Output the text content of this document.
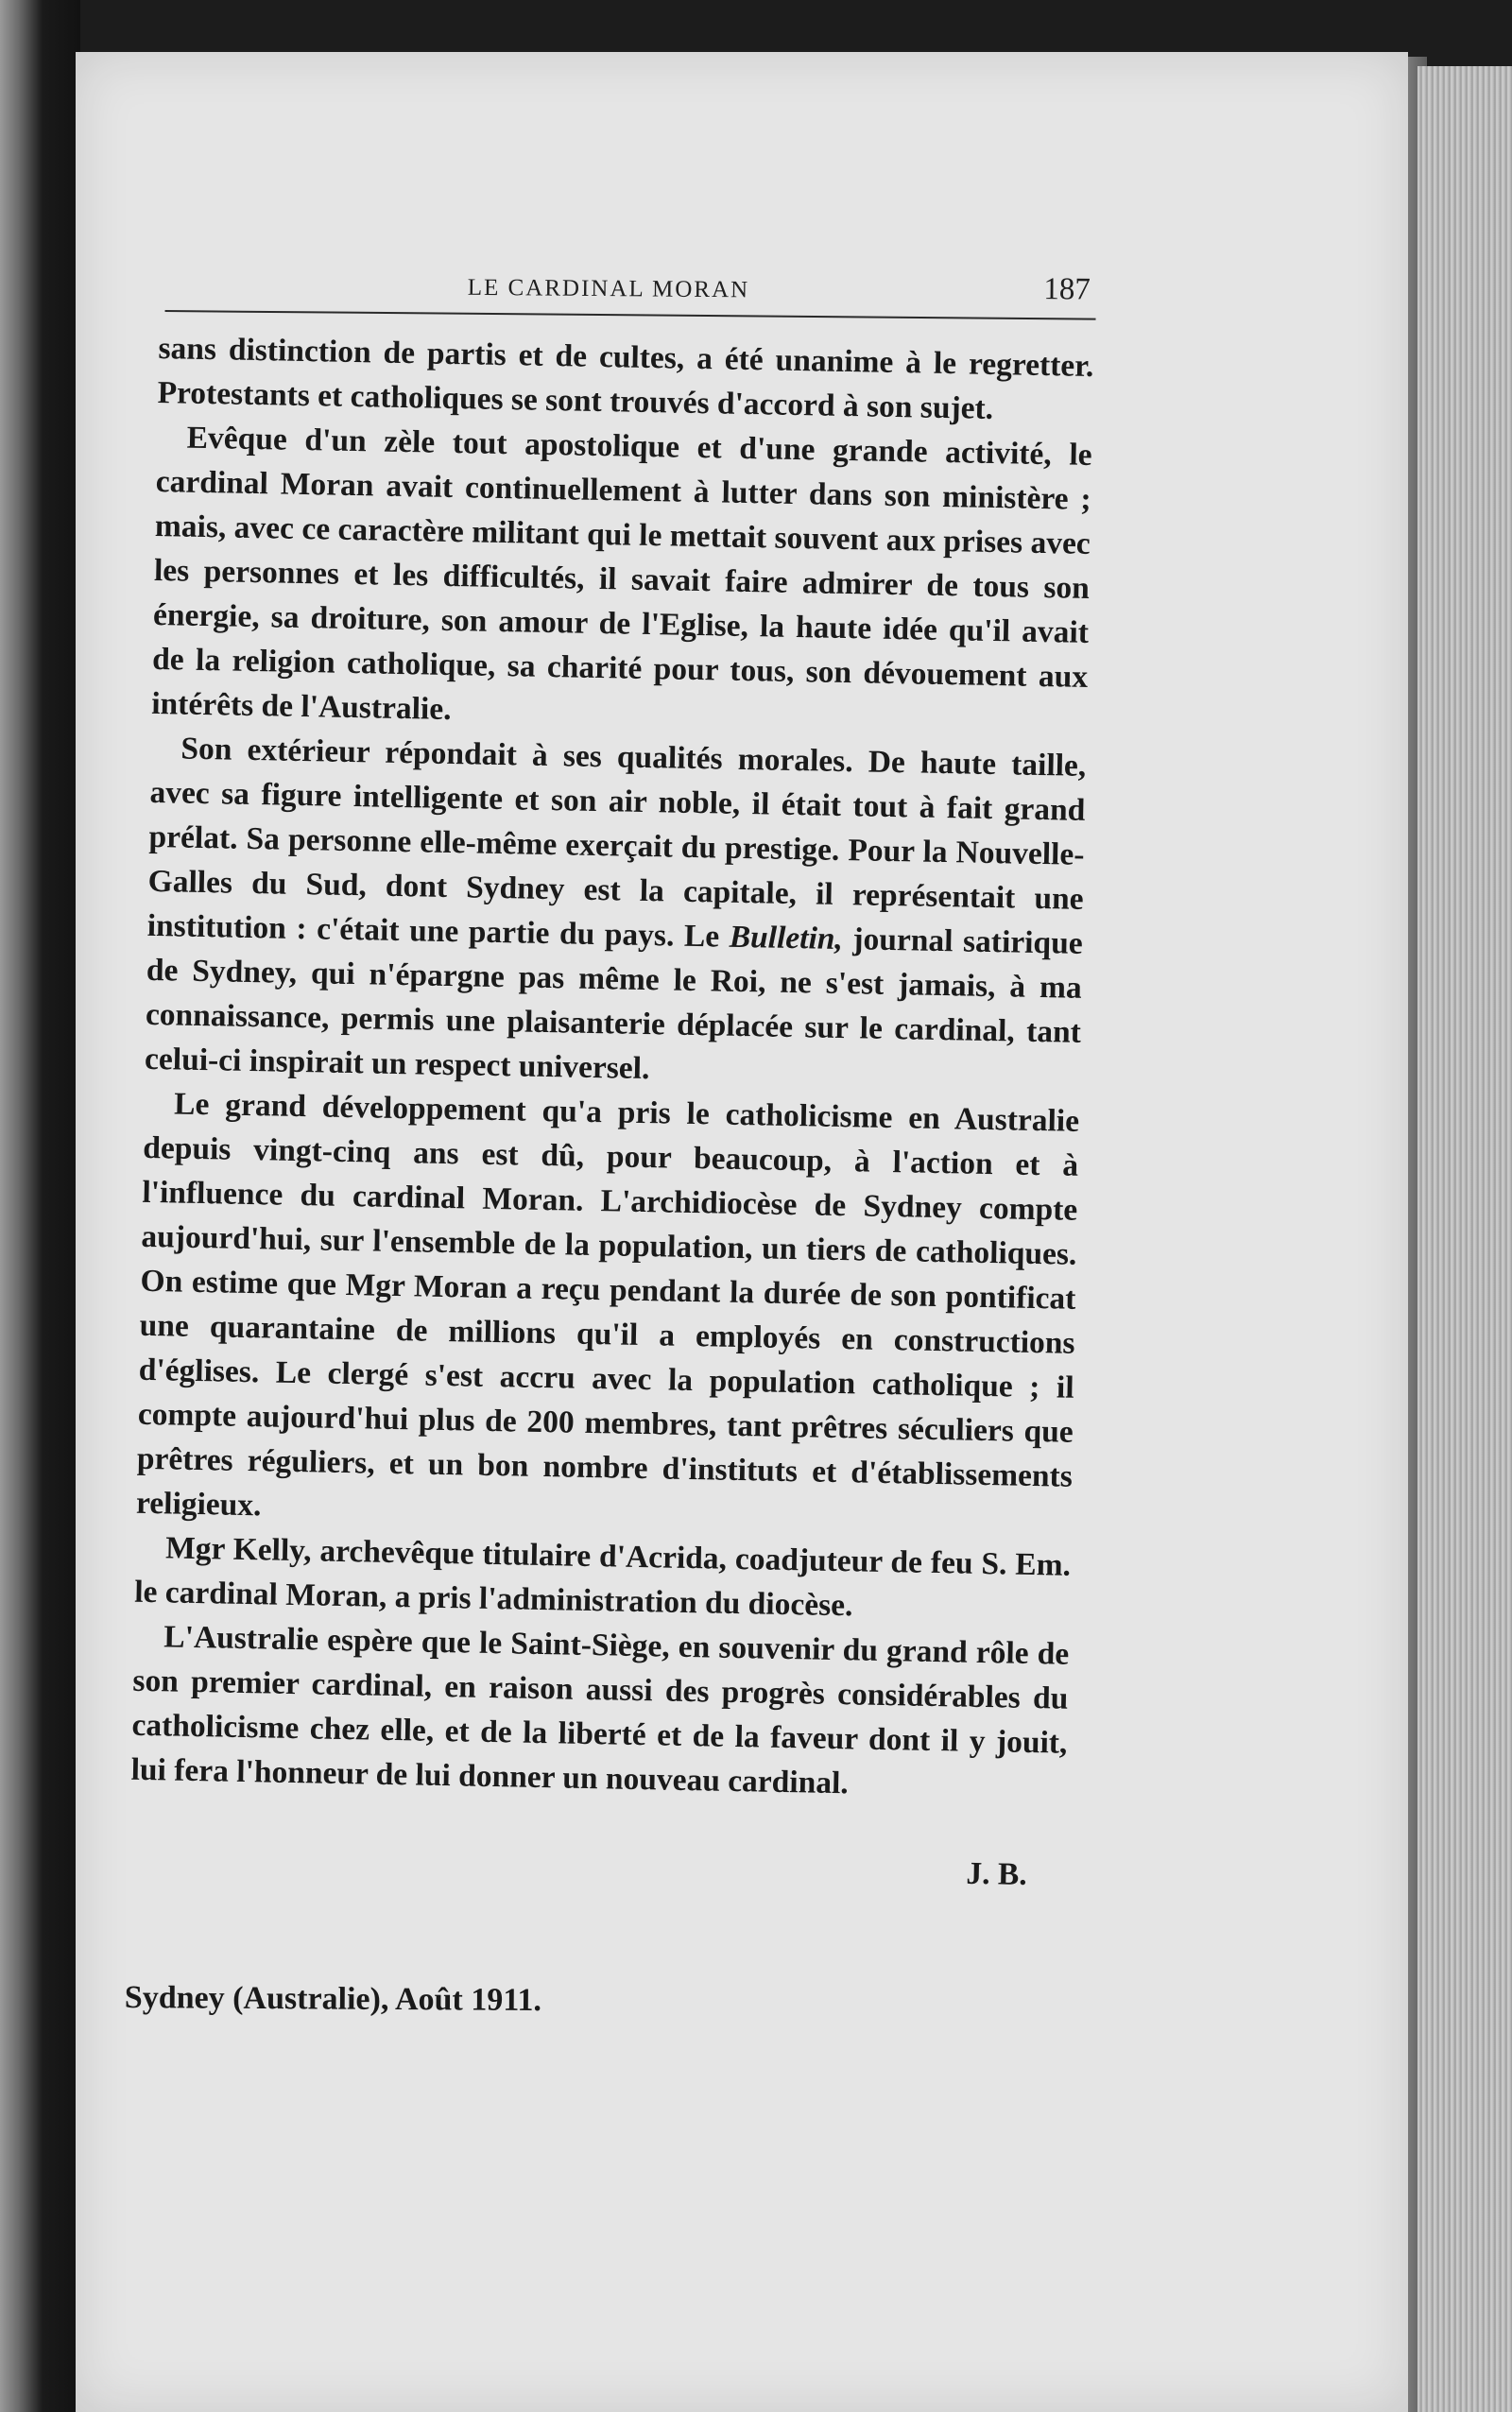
LE CARDINAL MORAN	187

sans distinction de partis et de cultes, a été unanime à le regretter. Protestants et catholiques se sont trouvés d'accord à son sujet.

Evêque d'un zèle tout apostolique et d'une grande activité, le cardinal Moran avait continuellement à lutter dans son ministère ; mais, avec ce caractère militant qui le mettait souvent aux prises avec les personnes et les difficultés, il savait faire admirer de tous son énergie, sa droiture, son amour de l'Eglise, la haute idée qu'il avait de la religion catholique, sa charité pour tous, son dévouement aux intérêts de l'Australie.

Son extérieur répondait à ses qualités morales. De haute taille, avec sa figure intelligente et son air noble, il était tout à fait grand prélat. Sa personne elle-même exerçait du prestige. Pour la Nouvelle-Galles du Sud, dont Sydney est la capitale, il représentait une institution : c'était une partie du pays. Le Bulletin, journal satirique de Sydney, qui n'épargne pas même le Roi, ne s'est jamais, à ma connaissance, permis une plaisanterie déplacée sur le cardinal, tant celui-ci inspirait un respect universel.

Le grand développement qu'a pris le catholicisme en Australie depuis vingt-cinq ans est dû, pour beaucoup, à l'action et à l'influence du cardinal Moran. L'archidiocèse de Sydney compte aujourd'hui, sur l'ensemble de la population, un tiers de catholiques. On estime que Mgr Moran a reçu pendant la durée de son pontificat une quarantaine de millions qu'il a employés en constructions d'églises. Le clergé s'est accru avec la population catholique ; il compte aujourd'hui plus de 200 membres, tant prêtres séculiers que prêtres réguliers, et un bon nombre d'instituts et d'établissements religieux.

Mgr Kelly, archevêque titulaire d'Acrida, coadjuteur de feu S. Em. le cardinal Moran, a pris l'administration du diocèse.

L'Australie espère que le Saint-Siège, en souvenir du grand rôle de son premier cardinal, en raison aussi des progrès considérables du catholicisme chez elle, et de la liberté et de la faveur dont il y jouit, lui fera l'honneur de lui donner un nouveau cardinal.

J. B.

Sydney (Australie), Août 1911.
